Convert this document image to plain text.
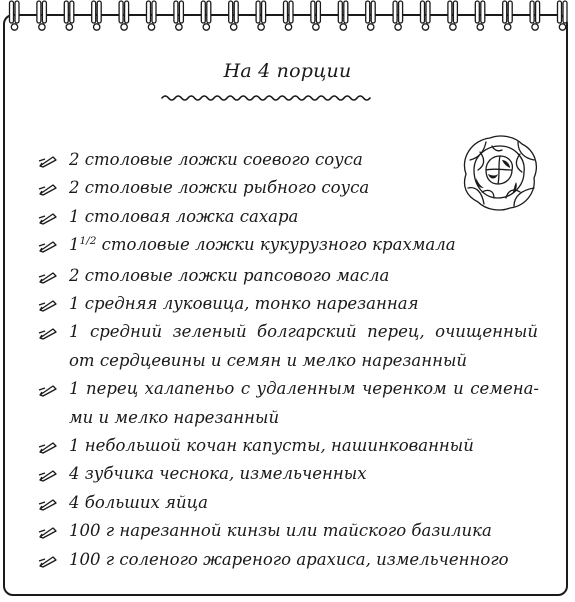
На 4 порции
2 столовые ложки соевого соуса
2 столовые ложки рыбного соуса
1 столовая ложка сахара
$1^{1/2}$ столовые ложки кукурузного крахмала
2 столовые ложки рапсового масла
1 средняя луковица, тонко нарезанная
1 средний зеленый болгарский перец, очищенный от сердцевины и семян и мелко нарезанный
1 перец халапеньо с удаленным черенком и семена-ми и мелко нарезанный
1 небольшой кочан капусты, нашинкованный
4 зубчика чеснока, измельченных
4 больших яйца
100 г нарезанной кинзы или тайского базилика
100 г соленого жареного арахиса, измельченного
